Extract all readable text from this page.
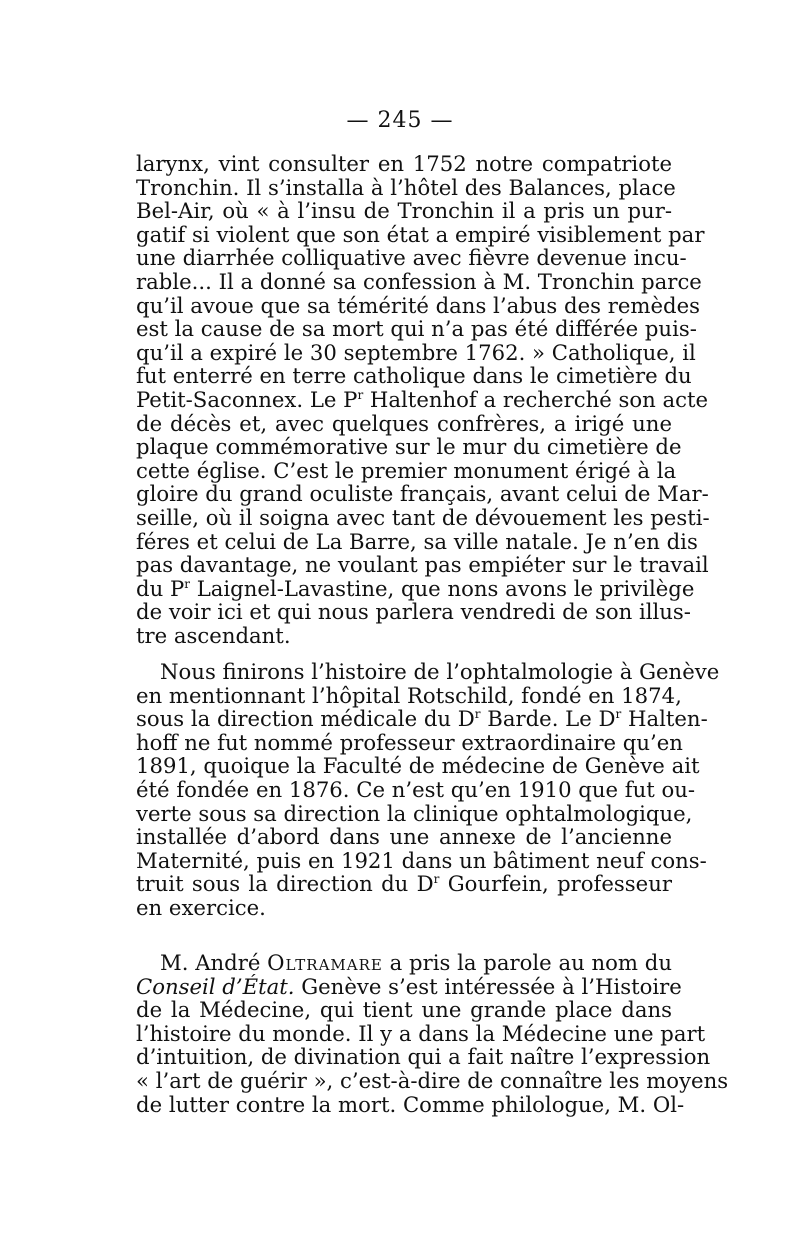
— 245 —
larynx, vint consulter en 1752 notre compatriote
Tronchin. Il s’installa à l’hôtel des Balances, place
Bel-Air, où « à l’insu de Tronchin il a pris un pur-
gatif si violent que son état a empiré visiblement par
une diarrhée colliquative avec fièvre devenue incu-
rable... Il a donné sa confession à M. Tronchin parce
qu’il avoue que sa témérité dans l’abus des remèdes
est la cause de sa mort qui n’a pas été différée puis-
qu’il a expiré le 30 septembre 1762. » Catholique, il
fut enterré en terre catholique dans le cimetière du
Petit-Saconnex. Le $P^r$ Haltenhof a recherché son acte
de décès et, avec quelques confrères, a irigé une
plaque commémorative sur le mur du cimetière de
cette église. C’est le premier monument érigé à la
gloire du grand oculiste français, avant celui de Mar-
seille, où il soigna avec tant de dévouement les pesti-
féres et celui de La Barre, sa ville natale. Je n’en dis
pas davantage, ne voulant pas empiéter sur le travail
du $P^r$ Laignel-Lavastine, que nons avons le privilège
de voir ici et qui nous parlera vendredi de son illus-
tre ascendant.
Nous finirons l’histoire de l’ophtalmologie à Genève
en mentionnant l’hôpital Rotschild, fondé en 1874,
sous la direction médicale du $D^r$ Barde. Le $D^r$ Halten-
hoff ne fut nommé professeur extraordinaire qu’en
1891, quoique la Faculté de médecine de Genève ait
été fondée en 1876. Ce n’est qu’en 1910 que fut ou-
verte sous sa direction la clinique ophtalmologique,
installée d’abord dans une annexe de l’ancienne
Maternité, puis en 1921 dans un bâtiment neuf cons-
truit sous la direction du $D^r$ Gourfein, professeur
en exercice.
M. André Oltramare a pris la parole au nom du
Conseil d’État. Genève s’est intéressée à l’Histoire
de la Médecine, qui tient une grande place dans
l’histoire du monde. Il y a dans la Médecine une part
d’intuition, de divination qui a fait naître l’expression
« l’art de guérir », c’est-à-dire de connaître les moyens
de lutter contre la mort. Comme philologue, M. Ol-
